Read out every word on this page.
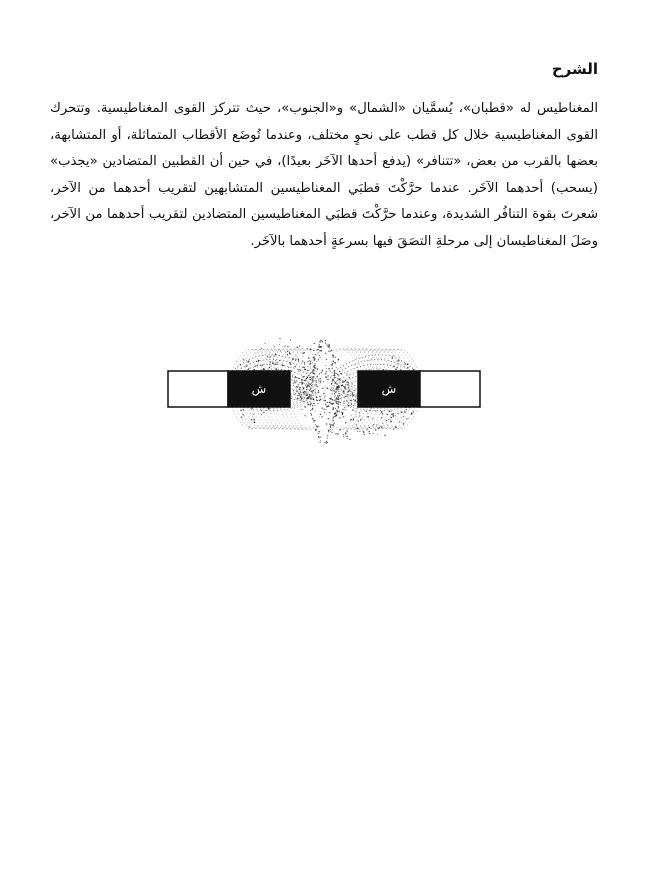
الشرح

المغناطيس له «قطبان»، يُسمَّيان «الشمال» و«الجنوب»، حيث تتركز القوى المغناطيسية. وتتحرك القوى المغناطيسية خلال كل قطب على نحوٍ مختلف، وعندما تُوضَع الأقطاب المتماثلة، أو المتشابهة، بعضها بالقرب من بعض، «تتنافر» (يدفع أحدها الآخَر بعيدًا)، في حين أن القطبين المتضادين «يجذب» (يسحب) أحدهما الآخَر. عندما حرَّكْتَ قطبَي المغناطيسين المتشابهين لتقريب أحدهما من الآخر، شعرتَ بقوة التنافُر الشديدة، وعندما حرَّكْتَ قطبَي المغناطيسين المتضادين لتقريب أحدهما من الآخر، وصَلَ المغناطيسان إلى مرحلةِ التصَقَ فيها بسرعةٍ أحدهما بالآخَر.

ش	ش
